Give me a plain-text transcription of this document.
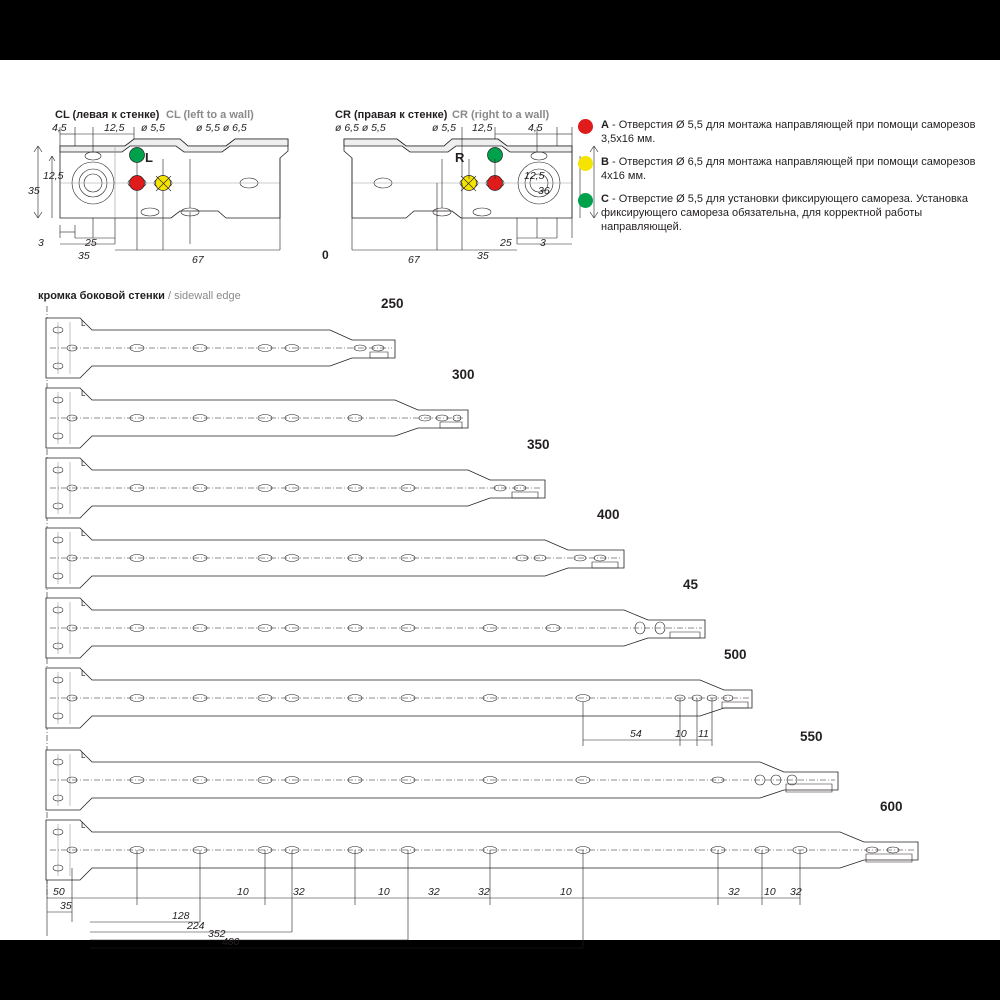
CL (левая к стенке) CL (left to a wall)
L
4,5	12,5 ø 5,5	ø 5,5 ø 6,5
35
12,5
3	25
35	67
CR (правая к стенке) CR (right to a wall)
R
0
ø 6,5 ø 5,5	ø 5,5 12,5	4,5
12,5
36
25	3
35
67
A - Отверстия Ø 5,5 для монтажа направляющей при помощи саморезов 3,5х16 мм.
B - Отверстия Ø 6,5 для монтажа направляющей при помощи саморезов 4х16 мм.
C - Отверстие Ø 5,5 для установки фиксирующего самореза. Установка фиксирующего самореза обязательна, для корректной работы направляющей.
кромка боковой стенки / sidewall edge
L
250
L
300
L
350
L
400
L
45
54	10 11
L
500
L
550
L
600
50	10	32	10	32	32	10	32 10 32
35
128
224
352
480
